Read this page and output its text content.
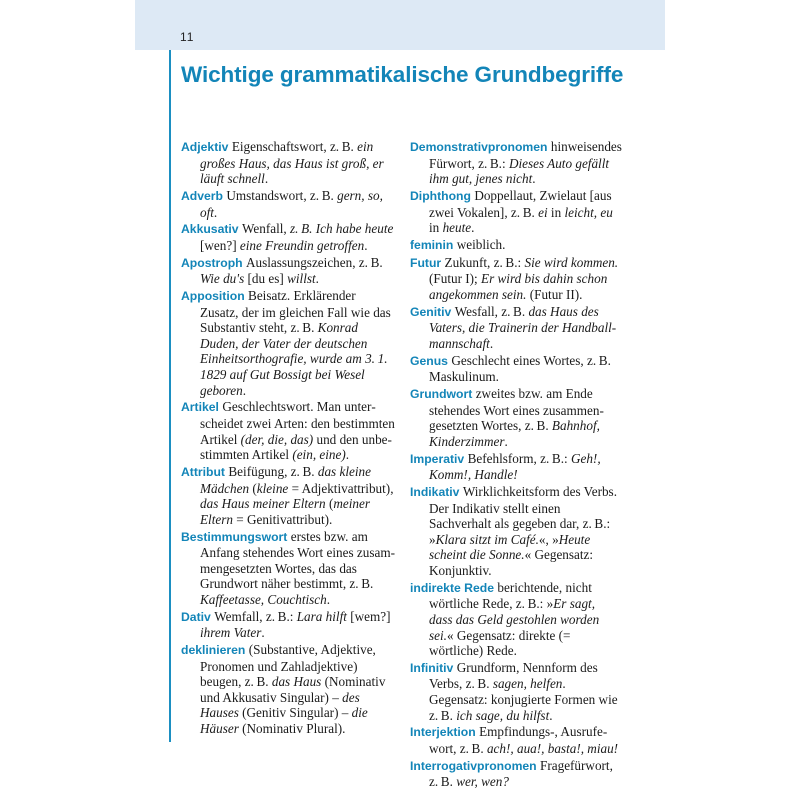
11
Wichtige grammatikalische Grundbegriffe

Adjektiv Eigenschaftswort, z. B. ein großes Haus, das Haus ist groß, er läuft schnell.

Adverb Umstandswort, z. B. gern, so, oft.

Akkusativ Wenfall, z. B. Ich habe heute [wen?] eine Freundin getroffen.

Apostroph Auslassungszeichen, z. B. Wie du's [du es] willst.

Apposition Beisatz. Erklärender Zusatz, der im gleichen Fall wie das Substantiv steht, z. B. Konrad Duden, der Vater der deutschen Einheitsorthografie, wurde am 3. 1. 1829 auf Gut Bossigt bei Wesel geboren.

Artikel Geschlechtswort. Man unterscheidet zwei Arten: den bestimmten Artikel (der, die, das) und den unbestimmten Artikel (ein, eine).

Attribut Beifügung, z. B. das kleine Mädchen (kleine = Adjektivattribut), das Haus meiner Eltern (meiner Eltern = Genitivattribut).

Bestimmungswort erstes bzw. am Anfang stehendes Wort eines zusammengesetzten Wortes, das das Grundwort näher bestimmt, z. B. Kaffeetasse, Couchtisch.

Dativ Wemfall, z. B.: Lara hilft [wem?] ihrem Vater.

deklinieren (Substantive, Adjektive, Pronomen und Zahladjektive) beugen, z. B. das Haus (Nominativ und Akkusativ Singular) – des Hauses (Genitiv Singular) – die Häuser (Nominativ Plural).

Demonstrativpronomen hinweisendes Fürwort, z. B.: Dieses Auto gefällt ihm gut, jenes nicht.

Diphthong Doppellaut, Zwielaut [aus zwei Vokalen], z. B. ei in leicht, eu in heute.

feminin weiblich.

Futur Zukunft, z. B.: Sie wird kommen. (Futur I); Er wird bis dahin schon angekommen sein. (Futur II).

Genitiv Wesfall, z. B. das Haus des Vaters, die Trainerin der Handballmannschaft.

Genus Geschlecht eines Wortes, z. B. Maskulinum.

Grundwort zweites bzw. am Ende stehendes Wort eines zusammengesetzten Wortes, z. B. Bahnhof, Kinderzimmer.

Imperativ Befehlsform, z. B.: Geh!, Komm!, Handle!

Indikativ Wirklichkeitsform des Verbs. Der Indikativ stellt einen Sachverhalt als gegeben dar, z. B.: »Klara sitzt im Café.«, »Heute scheint die Sonne.« Gegensatz: Konjunktiv.

indirekte Rede berichtende, nicht wörtliche Rede, z. B.: »Er sagt, dass das Geld gestohlen worden sei.« Gegensatz: direkte (= wörtliche) Rede.

Infinitiv Grundform, Nennform des Verbs, z. B. sagen, helfen. Gegensatz: konjugierte Formen wie z. B. ich sage, du hilfst.

Interjektion Empfindungs-, Ausrufewort, z. B. ach!, aua!, basta!, miau!

Interrogativpronomen Fragefürwort, z. B. wer, wen?
